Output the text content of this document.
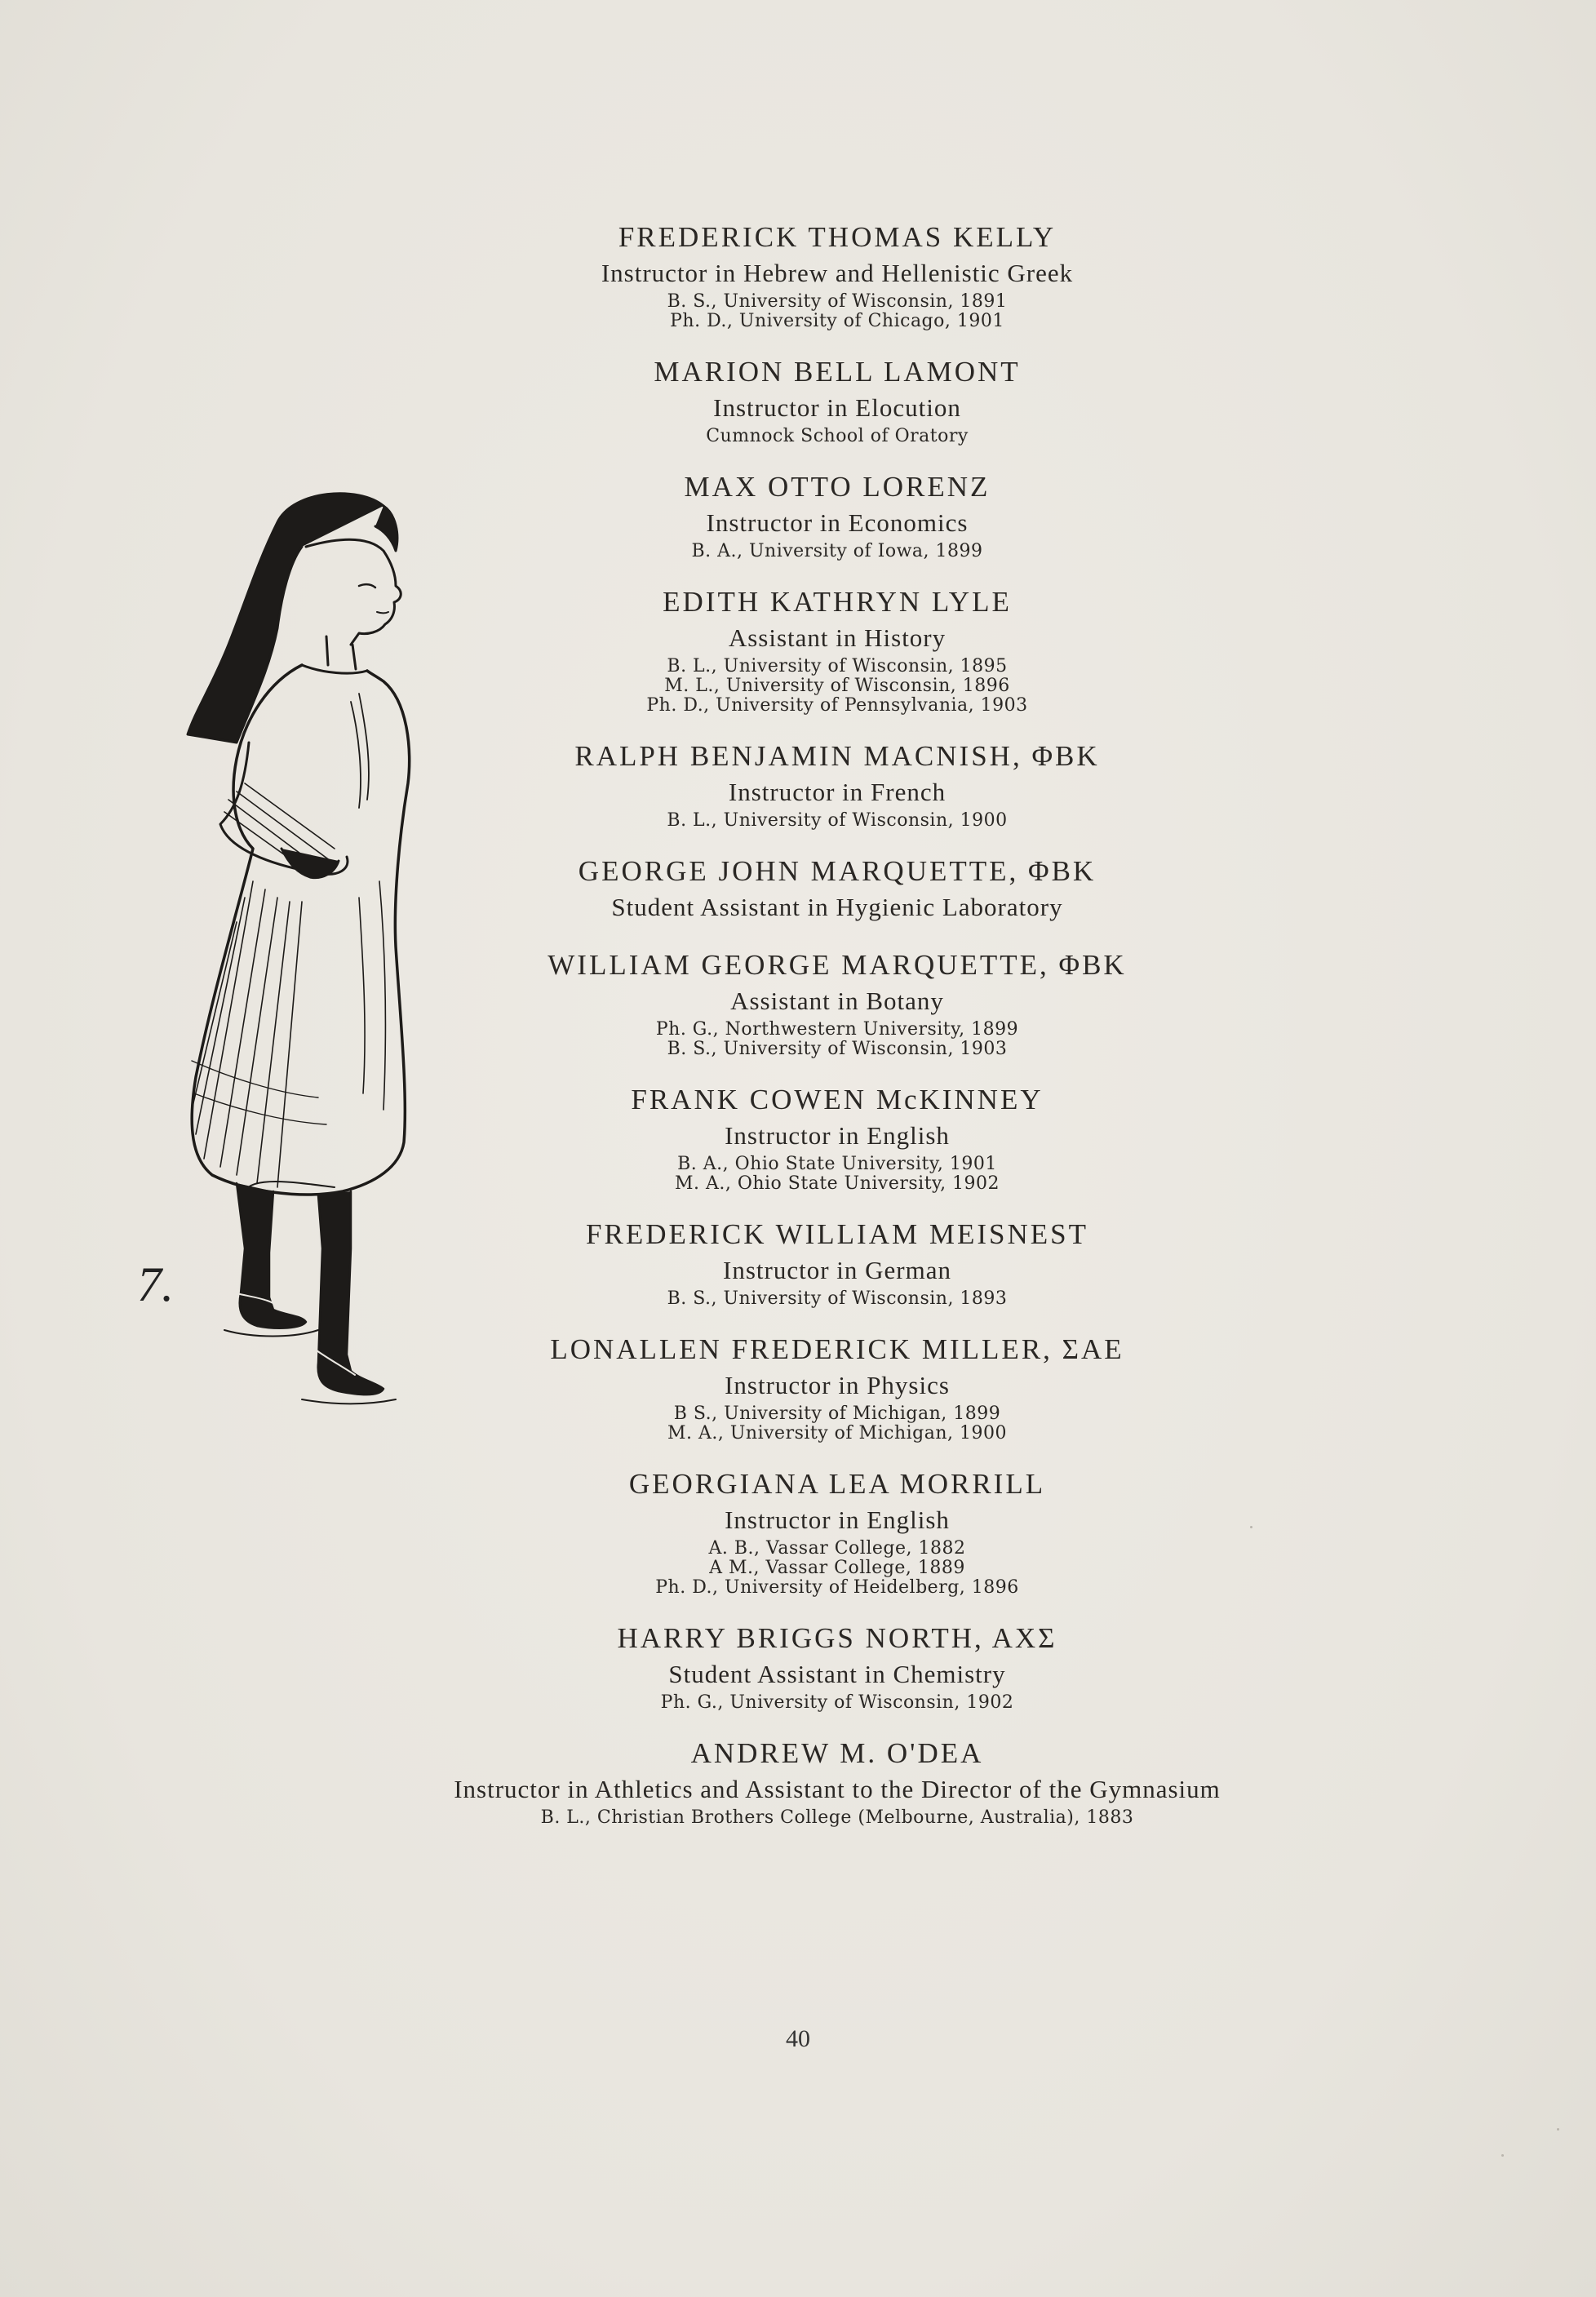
7.
FREDERICK THOMAS KELLY
Instructor in Hebrew and Hellenistic Greek
B. S., University of Wisconsin, 1891
Ph. D., University of Chicago, 1901
MARION BELL LAMONT
Instructor in Elocution
Cumnock School of Oratory
MAX OTTO LORENZ
Instructor in Economics
B. A., University of Iowa, 1899
EDITH KATHRYN LYLE
Assistant in History
B. L., University of Wisconsin, 1895
M. L., University of Wisconsin, 1896
Ph. D., University of Pennsylvania, 1903
RALPH BENJAMIN MACNISH, ΦBK
Instructor in French
B. L., University of Wisconsin, 1900
GEORGE JOHN MARQUETTE, ΦBK
Student Assistant in Hygienic Laboratory
WILLIAM GEORGE MARQUETTE, ΦBK
Assistant in Botany
Ph. G., Northwestern University, 1899
B. S., University of Wisconsin, 1903
FRANK COWEN McKINNEY
Instructor in English
B. A., Ohio State University, 1901
M. A., Ohio State University, 1902
FREDERICK WILLIAM MEISNEST
Instructor in German
B. S., University of Wisconsin, 1893
LONALLEN FREDERICK MILLER, ΣAE
Instructor in Physics
B S., University of Michigan, 1899
M. A., University of Michigan, 1900
GEORGIANA LEA MORRILL
Instructor in English
A. B., Vassar College, 1882
A M., Vassar College, 1889
Ph. D., University of Heidelberg, 1896
HARRY BRIGGS NORTH, AXΣ
Student Assistant in Chemistry
Ph. G., University of Wisconsin, 1902
ANDREW M. O'DEA
Instructor in Athletics and Assistant to the Director of the Gymnasium
B. L., Christian Brothers College (Melbourne, Australia), 1883
40
